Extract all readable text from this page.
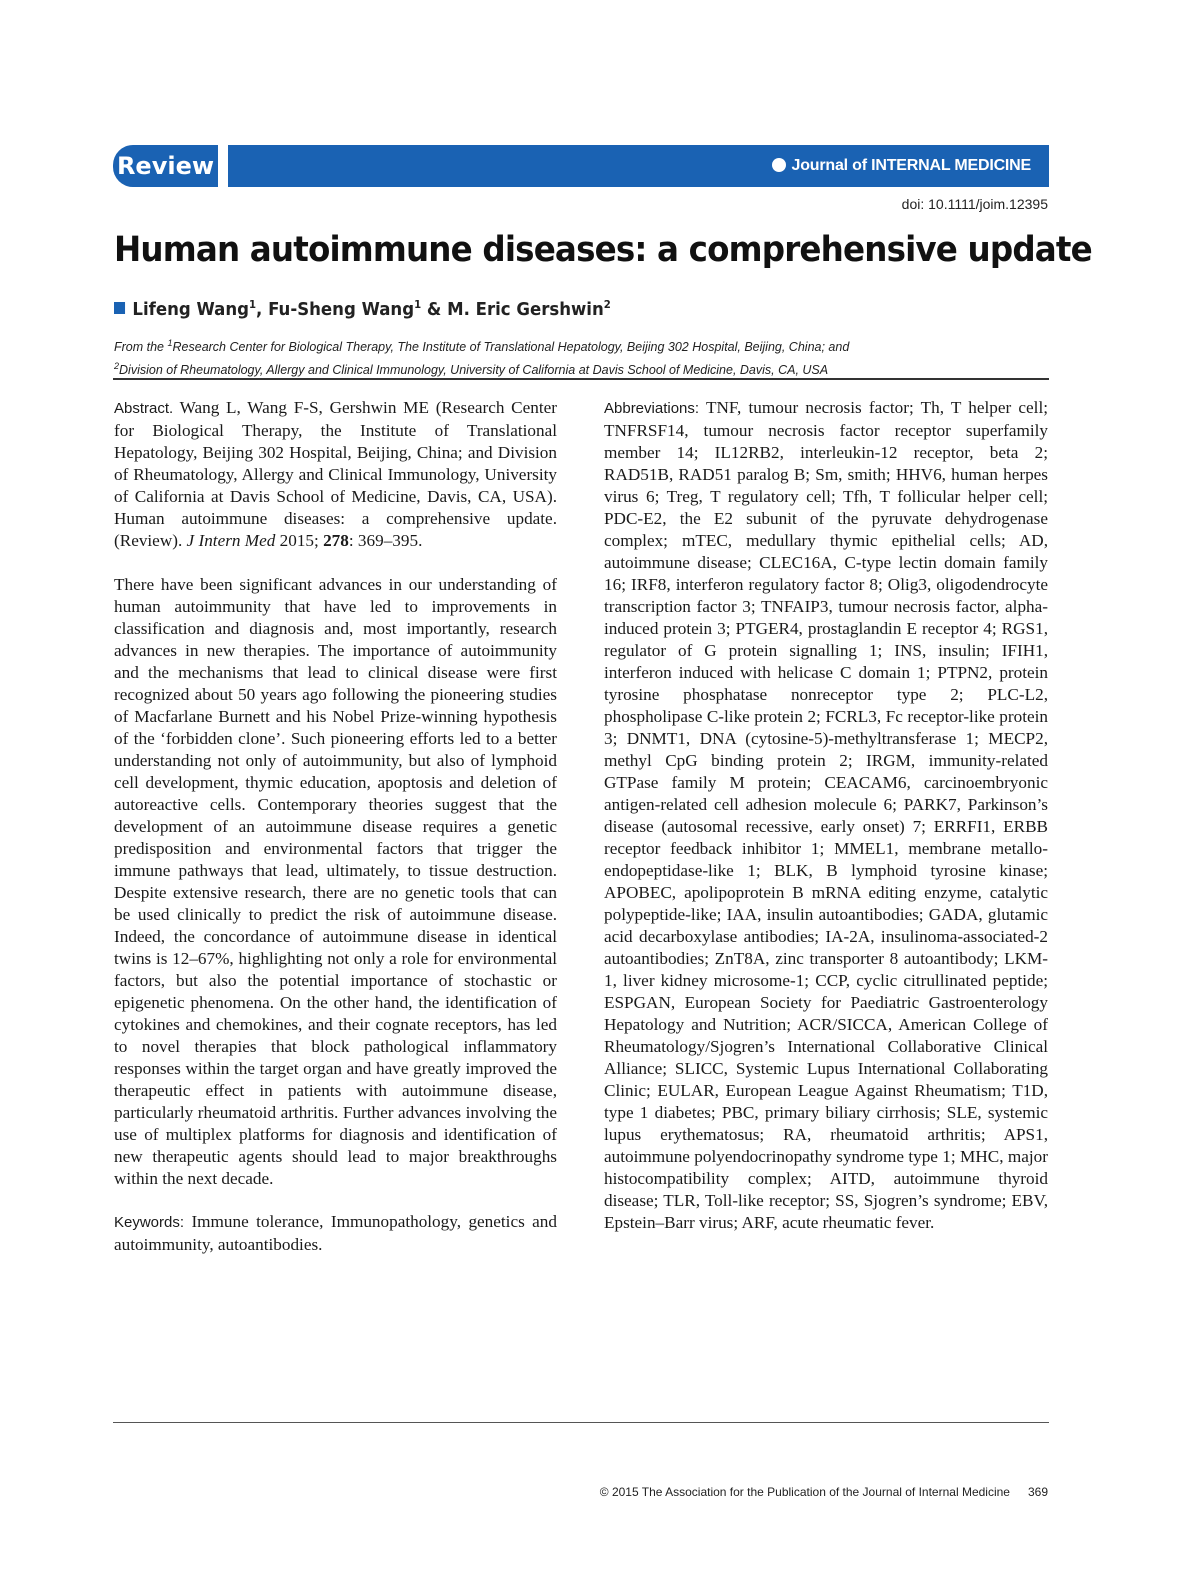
Review	Journal of INTERNAL MEDICINE
doi: 10.1111/joim.12395
Human autoimmune diseases: a comprehensive update
Lifeng Wang$^1$, Fu-Sheng Wang$^1$ & M. Eric Gershwin$^2$
From the $^1$Research Center for Biological Therapy, The Institute of Translational Hepatology, Beijing 302 Hospital, Beijing, China; and
$^2$Division of Rheumatology, Allergy and Clinical Immunology, University of California at Davis School of Medicine, Davis, CA, USA

Abstract. Wang L, Wang F-S, Gershwin ME (Research Center for Biological Therapy, the Institute of Translational Hepatology, Beijing 302 Hospital, Beijing, China; and Division of Rheumatology, Allergy and Clinical Immunology, University of California at Davis School of Medicine, Davis, CA, USA). Human autoimmune diseases: a comprehensive update. (Review). J Intern Med 2015; 278: 369–395.

There have been significant advances in our understanding of human autoimmunity that have led to improvements in classification and diagnosis and, most importantly, research advances in new therapies. The importance of autoimmunity and the mechanisms that lead to clinical disease were first recognized about 50 years ago following the pioneering studies of Macfarlane Burnett and his Nobel Prize-winning hypothesis of the ‘forbidden clone’. Such pioneering efforts led to a better understanding not only of autoimmunity, but also of lymphoid cell development, thymic education, apoptosis and deletion of autoreactive cells. Contemporary theories suggest that the development of an autoimmune disease requires a genetic predisposition and environmental factors that trigger the immune pathways that lead, ultimately, to tissue destruction. Despite extensive research, there are no genetic tools that can be used clinically to predict the risk of autoimmune disease. Indeed, the concordance of autoimmune disease in identical twins is 12–67%, highlighting not only a role for environmental factors, but also the potential importance of stochastic or epigenetic phenomena. On the other hand, the identification of cytokines and chemokines, and their cognate receptors, has led to novel therapies that block pathological inflammatory responses within the target organ and have greatly improved the therapeutic effect in patients with autoimmune disease, particularly rheumatoid arthritis. Further advances involving the use of multiplex platforms for diagnosis and identification of new therapeutic agents should lead to major breakthroughs within the next decade.

Keywords: Immune tolerance, Immunopathology, genetics and autoimmunity, autoantibodies.

Abbreviations: TNF, tumour necrosis factor; Th, T helper cell; TNFRSF14, tumour necrosis factor receptor superfamily member 14; IL12RB2, interleukin-12 receptor, beta 2; RAD51B, RAD51 paralog B; Sm, smith; HHV6, human herpes virus 6; Treg, T regulatory cell; Tfh, T follicular helper cell; PDC-E2, the E2 subunit of the pyruvate dehydrogenase complex; mTEC, medullary thymic epithelial cells; AD, autoimmune disease; CLEC16A, C-type lectin domain family 16; IRF8, interferon regulatory factor 8; Olig3, oligodendrocyte transcription factor 3; TNFAIP3, tumour necrosis factor, alpha-induced protein 3; PTGER4, prostaglandin E receptor 4; RGS1, regulator of G protein signalling 1; INS, insulin; IFIH1, interferon induced with helicase C domain 1; PTPN2, protein tyrosine phosphatase nonreceptor type 2; PLC-L2, phospholipase C-like protein 2; FCRL3, Fc receptor-like protein 3; DNMT1, DNA (cytosine-5)-methyltransferase 1; MECP2, methyl CpG binding protein 2; IRGM, immunity-related GTPase family M protein; CEACAM6, carcinoembryonic antigen-related cell adhesion molecule 6; PARK7, Parkinson’s disease (autosomal recessive, early onset) 7; ERRFI1, ERBB receptor feedback inhibitor 1; MMEL1, membrane metallo-endopeptidase-like 1; BLK, B lymphoid tyrosine kinase; APOBEC, apolipoprotein B mRNA editing enzyme, catalytic polypeptide-like; IAA, insulin autoantibodies; GADA, glutamic acid decarboxylase antibodies; IA-2A, insulinoma-associated-2 autoantibodies; ZnT8A, zinc transporter 8 autoantibody; LKM-1, liver kidney microsome-1; CCP, cyclic citrullinated peptide; ESPGAN, European Society for Paediatric Gastroenterology Hepatology and Nutrition; ACR/SICCA, American College of Rheumatology/Sjogren’s International Collaborative Clinical Alliance; SLICC, Systemic Lupus International Collaborating Clinic; EULAR, European League Against Rheumatism; T1D, type 1 diabetes; PBC, primary biliary cirrhosis; SLE, systemic lupus erythematosus; RA, rheumatoid arthritis; APS1, autoimmune polyendocrinopathy syndrome type 1; MHC, major histocompatibility complex; AITD, autoimmune thyroid disease; TLR, Toll-like receptor; SS, Sjogren’s syndrome; EBV, Epstein–Barr virus; ARF, acute rheumatic fever.

© 2015 The Association for the Publication of the Journal of Internal Medicine 369
